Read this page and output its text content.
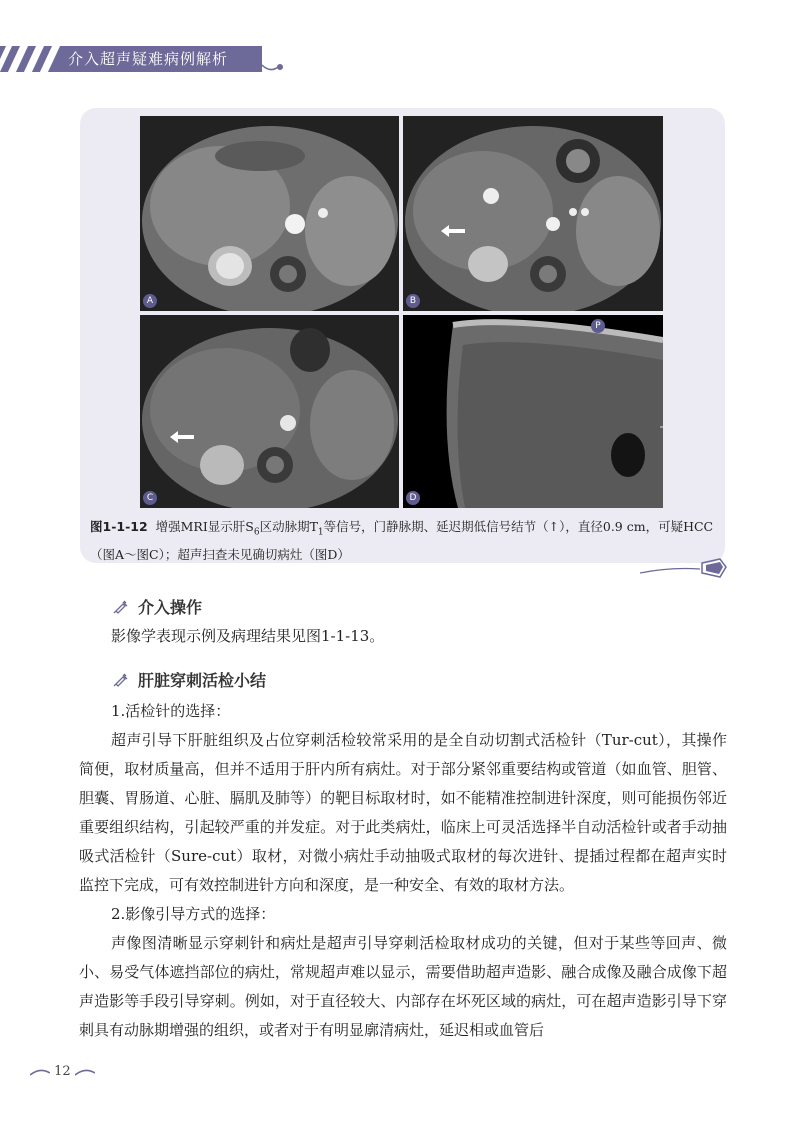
介入超声疑难病例解析
A	B
C	D
P
图1-1-12 增强MRI显示肝$S_6$区动脉期$T_1$等信号，门静脉期、延迟期低信号结节（↑），直径0.9 cm，可疑HCC（图A～图C）；超声扫查未见确切病灶（图D）
介入操作

影像学表现示例及病理结果见图1-1-13。

肝脏穿刺活检小结

1.活检针的选择：

超声引导下肝脏组织及占位穿刺活检较常采用的是全自动切割式活检针（Tur-cut），其操作简便，取材质量高，但并不适用于肝内所有病灶。对于部分紧邻重要结构或管道（如血管、胆管、胆囊、胃肠道、心脏、膈肌及肺等）的靶目标取材时，如不能精准控制进针深度，则可能损伤邻近重要组织结构，引起较严重的并发症。对于此类病灶，临床上可灵活选择半自动活检针或者手动抽吸式活检针（Sure-cut）取材，对微小病灶手动抽吸式取材的每次进针、提插过程都在超声实时监控下完成，可有效控制进针方向和深度，是一种安全、有效的取材方法。

2.影像引导方式的选择：

声像图清晰显示穿刺针和病灶是超声引导穿刺活检取材成功的关键，但对于某些等回声、微小、易受气体遮挡部位的病灶，常规超声难以显示，需要借助超声造影、融合成像及融合成像下超声造影等手段引导穿刺。例如，对于直径较大、内部存在坏死区域的病灶，可在超声造影引导下穿刺具有动脉期增强的组织，或者对于有明显廓清病灶，延迟相或血管后

12
